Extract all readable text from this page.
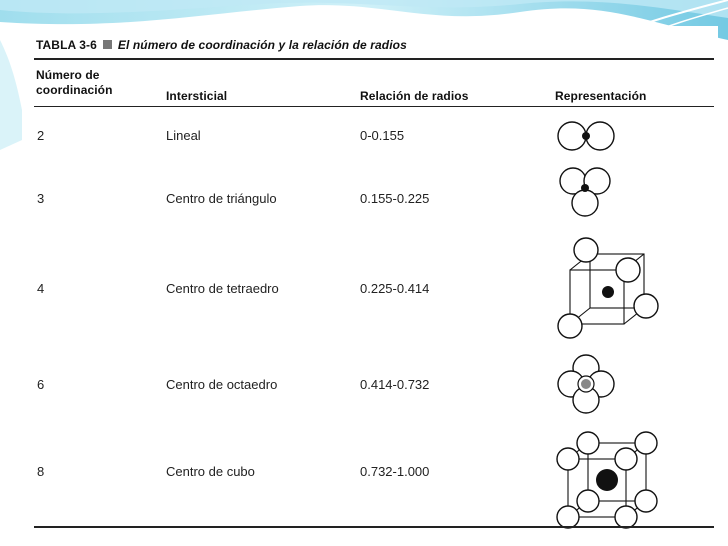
TABLA 3-6 El número de coordinación y la relación de radios
Número de
coordinación	Intersticial	Relación de radios	Representación
2	Lineal	0-0.155
3	Centro de triángulo	0.155-0.225
4	Centro de tetraedro	0.225-0.414
6	Centro de octaedro	0.414-0.732
8	Centro de cubo	0.732-1.000
